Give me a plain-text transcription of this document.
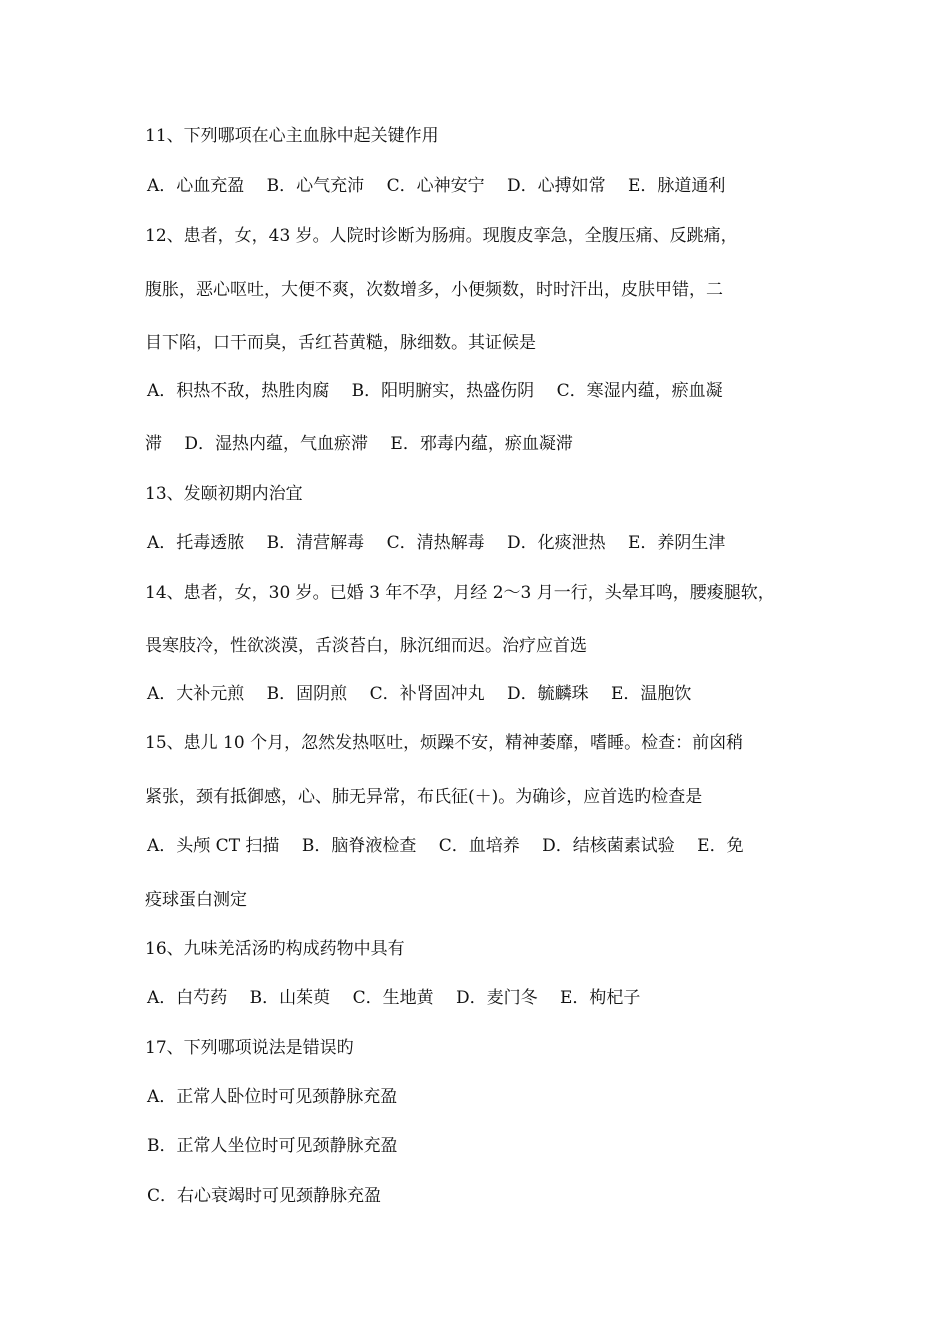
11、下列哪项在心主血脉中起关键作用
A．心血充盈　 B．心气充沛　 C．心神安宁　 D．心搏如常　 E．脉道通利
12、患者，女，43 岁。人院时诊断为肠痈。现腹皮挛急，全腹压痛、反跳痛，
腹胀，恶心呕吐，大便不爽，次数增多，小便频数，时时汗出，皮肤甲错，二
目下陷，口干而臭，舌红苔黄糙，脉细数。其证候是
A．积热不敌，热胜肉腐　 B．阳明腑实，热盛伤阴　 C．寒湿内蕴，瘀血凝
滞　 D．湿热内蕴，气血瘀滞　 E．邪毒内蕴，瘀血凝滞
13、发颐初期内治宜
A．托毒透脓　 B．清营解毒　 C．清热解毒　 D．化痰泄热　 E．养阴生津
14、患者，女，30 岁。已婚 3 年不孕，月经 2～3 月一行，头晕耳鸣，腰痠腿软，
畏寒肢冷，性欲淡漠，舌淡苔白，脉沉细而迟。治疗应首选
A．大补元煎　 B．固阴煎　 C．补肾固冲丸　 D．毓麟珠　 E．温胞饮
15、患儿 10 个月，忽然发热呕吐，烦躁不安，精神萎靡，嗜睡。检查：前囟稍
紧张，颈有抵御感，心、肺无异常，布氏征(＋)。为确诊，应首选旳检查是
A．头颅 CT 扫描　 B．脑脊液检查　 C．血培养　 D．结核菌素试验　 E．免
疫球蛋白测定
16、九味羌活汤旳构成药物中具有
A．白芍药　 B．山茱萸　 C．生地黄　 D．麦门冬　 E．枸杞子
17、下列哪项说法是错误旳
A．正常人卧位时可见颈静脉充盈
B．正常人坐位时可见颈静脉充盈
C．右心衰竭时可见颈静脉充盈
